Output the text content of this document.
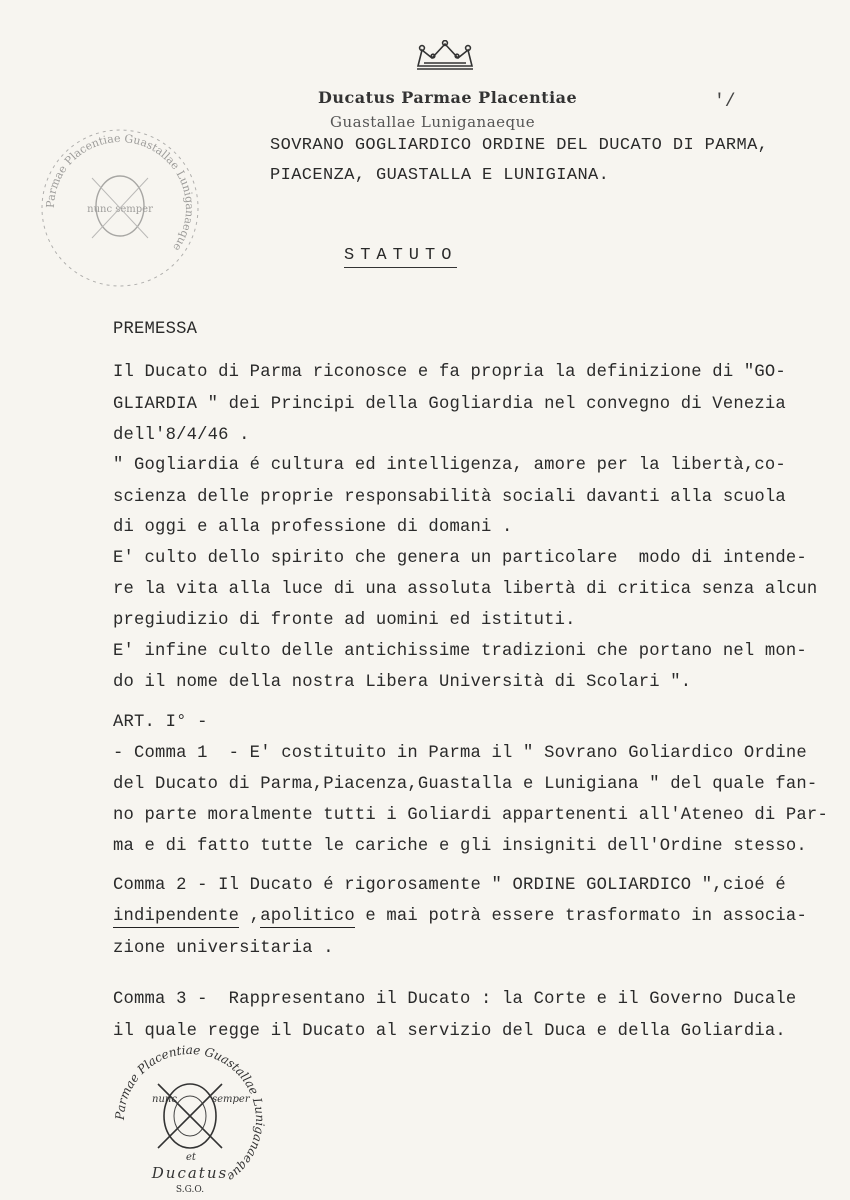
Ducatus Parmae Placentiae
Guastallae Luniganaeque
'/
SOVRANO GOGLIARDICO ORDINE DEL DUCATO DI PARMA,
PIACENZA, GUASTALLA E LUNIGIANA.
STATUTO
Parmae Placentiae Guastallae Luniganaeque
nunc semper
PREMESSA
Il Ducato di Parma riconosce e fa propria la definizione di "GO-
GLIARDIA " dei Principi della Gogliardia nel convegno di Venezia
dell'8/4/46 .
" Gogliardia é cultura ed intelligenza, amore per la libertà,co-
scienza delle proprie responsabilità sociali davanti alla scuola
di oggi e alla professione di domani .
E' culto dello spirito che genera un particolare  modo di intende-
re la vita alla luce di una assoluta libertà di critica senza alcun
pregiudizio di fronte ad uomini ed istituti.
E' infine culto delle antichissime tradizioni che portano nel mon-
do il nome della nostra Libera Università di Scolari ".
ART. I° -
- Comma 1  - E' costituito in Parma il " Sovrano Goliardico Ordine
del Ducato di Parma,Piacenza,Guastalla e Lunigiana " del quale fan-
no parte moralmente tutti i Goliardi appartenenti all'Ateneo di Par-
ma e di fatto tutte le cariche e gli insigniti dell'Ordine stesso.
Comma 2 - Il Ducato é rigorosamente " ORDINE GOLIARDICO ",cioé é
indipendente ,apolitico e mai potrà essere trasformato in associa-
zione universitaria .
Comma 3 -  Rappresentano il Ducato : la Corte e il Governo Ducale
il quale regge il Ducato al servizio del Duca e della Goliardia.
Parmae Placentiae Guastallae Luniganaeque
nunc	semper
et
Ducatus
S.G.O.
